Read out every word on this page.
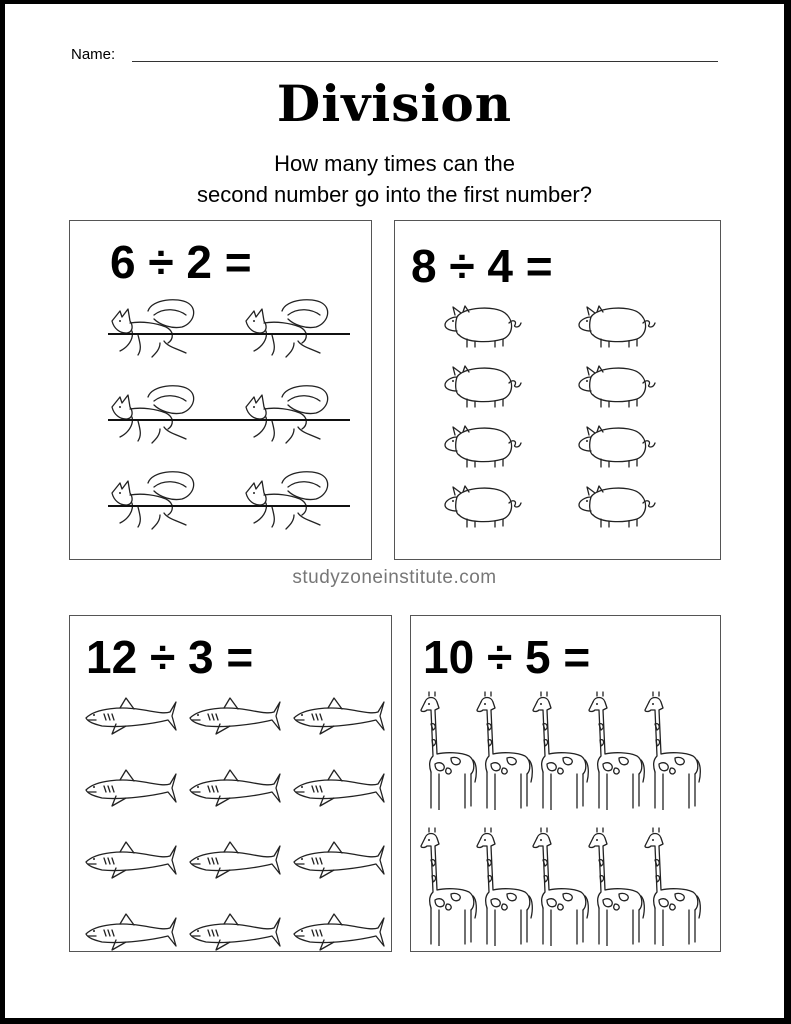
Name:
Division
How many times can the
second number go into the first number?
6 ÷ 2 =	8 ÷ 4 =
studyzoneinstitute.com
12 ÷ 3 =	10 ÷ 5 =
